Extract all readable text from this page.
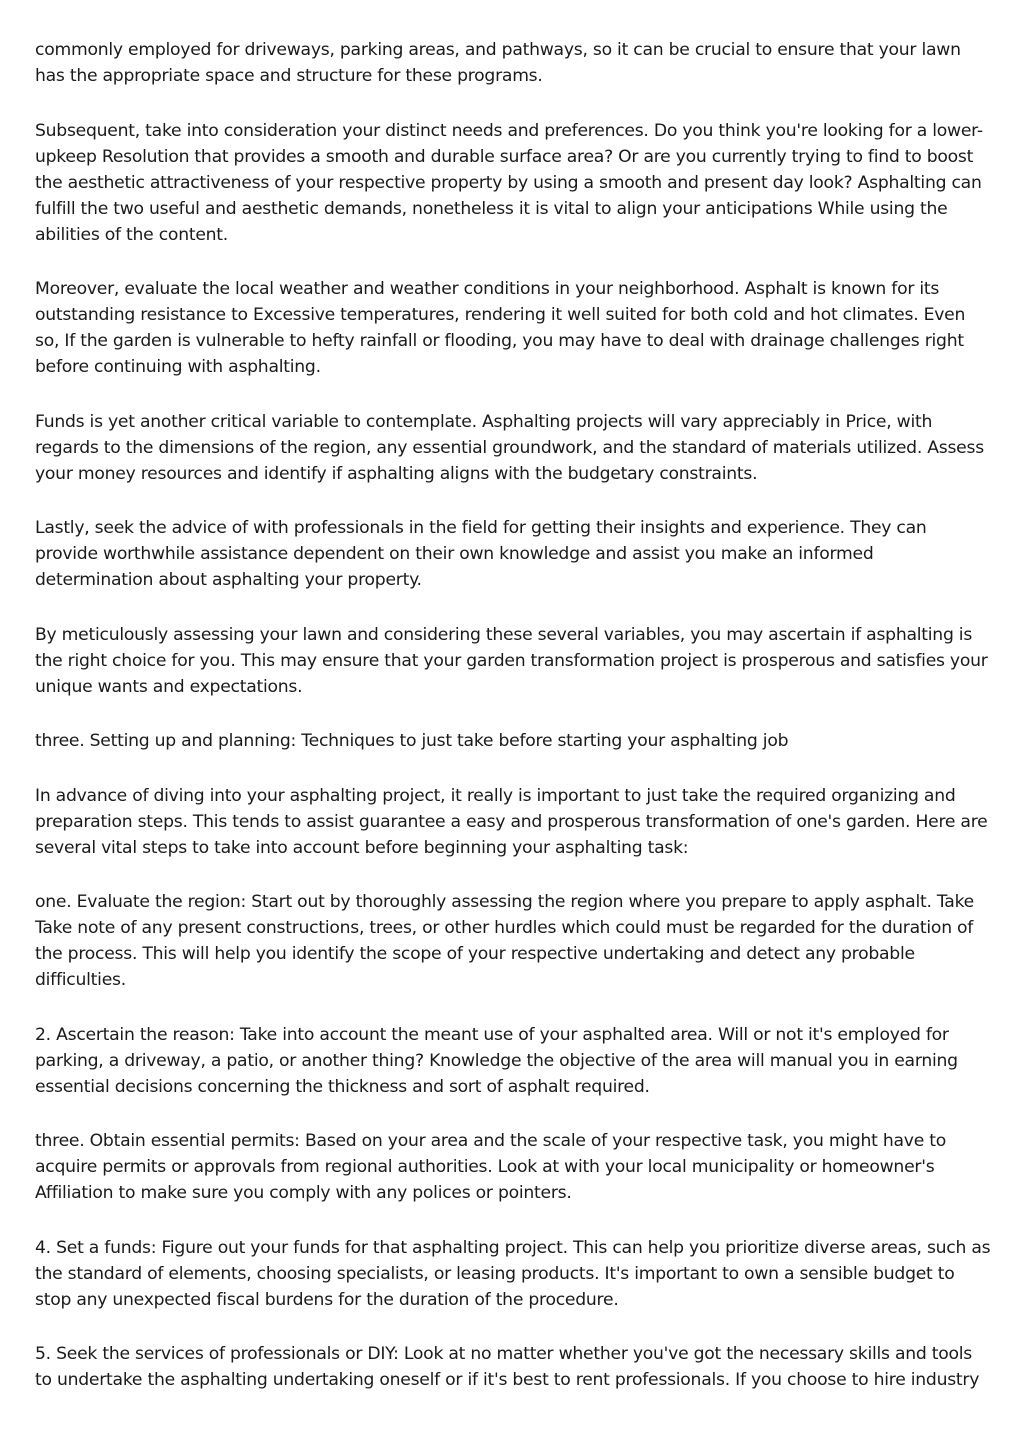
commonly employed for driveways, parking areas, and pathways, so it can be crucial to ensure that your lawn has the appropriate space and structure for these programs.

Subsequent, take into consideration your distinct needs and preferences. Do you think you're looking for a lower-upkeep Resolution that provides a smooth and durable surface area? Or are you currently trying to find to boost the aesthetic attractiveness of your respective property by using a smooth and present day look? Asphalting can fulfill the two useful and aesthetic demands, nonetheless it is vital to align your anticipations While using the abilities of the content.

Moreover, evaluate the local weather and weather conditions in your neighborhood. Asphalt is known for its outstanding resistance to Excessive temperatures, rendering it well suited for both cold and hot climates. Even so, If the garden is vulnerable to hefty rainfall or flooding, you may have to deal with drainage challenges right before continuing with asphalting.

Funds is yet another critical variable to contemplate. Asphalting projects will vary appreciably in Price, with regards to the dimensions of the region, any essential groundwork, and the standard of materials utilized. Assess your money resources and identify if asphalting aligns with the budgetary constraints.

Lastly, seek the advice of with professionals in the field for getting their insights and experience. They can provide worthwhile assistance dependent on their own knowledge and assist you make an informed determination about asphalting your property.

By meticulously assessing your lawn and considering these several variables, you may ascertain if asphalting is the right choice for you. This may ensure that your garden transformation project is prosperous and satisfies your unique wants and expectations.

three. Setting up and planning: Techniques to just take before starting your asphalting job

In advance of diving into your asphalting project, it really is important to just take the required organizing and preparation steps. This tends to assist guarantee a easy and prosperous transformation of one's garden. Here are several vital steps to take into account before beginning your asphalting task:

one. Evaluate the region: Start out by thoroughly assessing the region where you prepare to apply asphalt. Take Take note of any present constructions, trees, or other hurdles which could must be regarded for the duration of the process. This will help you identify the scope of your respective undertaking and detect any probable difficulties.

2. Ascertain the reason: Take into account the meant use of your asphalted area. Will or not it's employed for parking, a driveway, a patio, or another thing? Knowledge the objective of the area will manual you in earning essential decisions concerning the thickness and sort of asphalt required.

three. Obtain essential permits: Based on your area and the scale of your respective task, you might have to acquire permits or approvals from regional authorities. Look at with your local municipality or homeowner's Affiliation to make sure you comply with any polices or pointers.

4. Set a funds: Figure out your funds for that asphalting project. This can help you prioritize diverse areas, such as the standard of elements, choosing specialists, or leasing products. It's important to own a sensible budget to stop any unexpected fiscal burdens for the duration of the procedure.

5. Seek the services of professionals or DIY: Look at no matter whether you've got the necessary skills and tools to undertake the asphalting undertaking oneself or if it's best to rent professionals. If you choose to hire industry
